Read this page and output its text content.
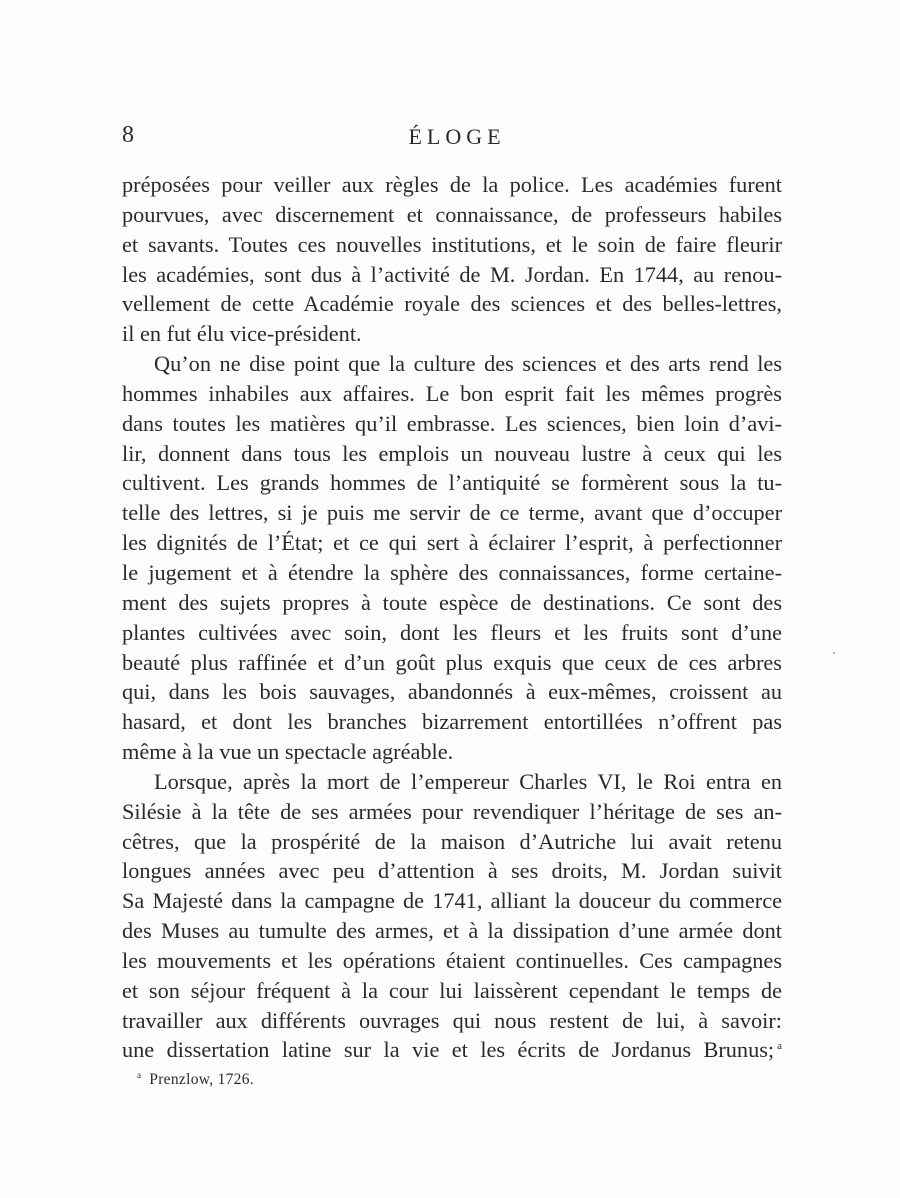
8	ÉLOGE
préposées pour veiller aux règles de la police. Les académies furent
pourvues, avec discernement et connaissance, de professeurs habiles
et savants. Toutes ces nouvelles institutions, et le soin de faire fleurir
les académies, sont dus à l’activité de M. Jordan. En 1744, au renou-
vellement de cette Académie royale des sciences et des belles-lettres,
il en fut élu vice-président.
Qu’on ne dise point que la culture des sciences et des arts rend les
hommes inhabiles aux affaires. Le bon esprit fait les mêmes progrès
dans toutes les matières qu’il embrasse. Les sciences, bien loin d’avi-
lir, donnent dans tous les emplois un nouveau lustre à ceux qui les
cultivent. Les grands hommes de l’antiquité se formèrent sous la tu-
telle des lettres, si je puis me servir de ce terme, avant que d’occuper
les dignités de l’État; et ce qui sert à éclairer l’esprit, à perfectionner
le jugement et à étendre la sphère des connaissances, forme certaine-
ment des sujets propres à toute espèce de destinations. Ce sont des
plantes cultivées avec soin, dont les fleurs et les fruits sont d’une
beauté plus raffinée et d’un goût plus exquis que ceux de ces arbres
qui, dans les bois sauvages, abandonnés à eux-mêmes, croissent au
hasard, et dont les branches bizarrement entortillées n’offrent pas
même à la vue un spectacle agréable.
Lorsque, après la mort de l’empereur Charles VI, le Roi entra en
Silésie à la tête de ses armées pour revendiquer l’héritage de ses an-
cêtres, que la prospérité de la maison d’Autriche lui avait retenu
longues années avec peu d’attention à ses droits, M. Jordan suivit
Sa Majesté dans la campagne de 1741, alliant la douceur du commerce
des Muses au tumulte des armes, et à la dissipation d’une armée dont
les mouvements et les opérations étaient continuelles. Ces campagnes
et son séjour fréquent à la cour lui laissèrent cependant le temps de
travailler aux différents ouvrages qui nous restent de lui, à savoir:
une dissertation latine sur la vie et les écrits de Jordanus Brunus; $^a$
$^a$ Prenzlow, 1726.
